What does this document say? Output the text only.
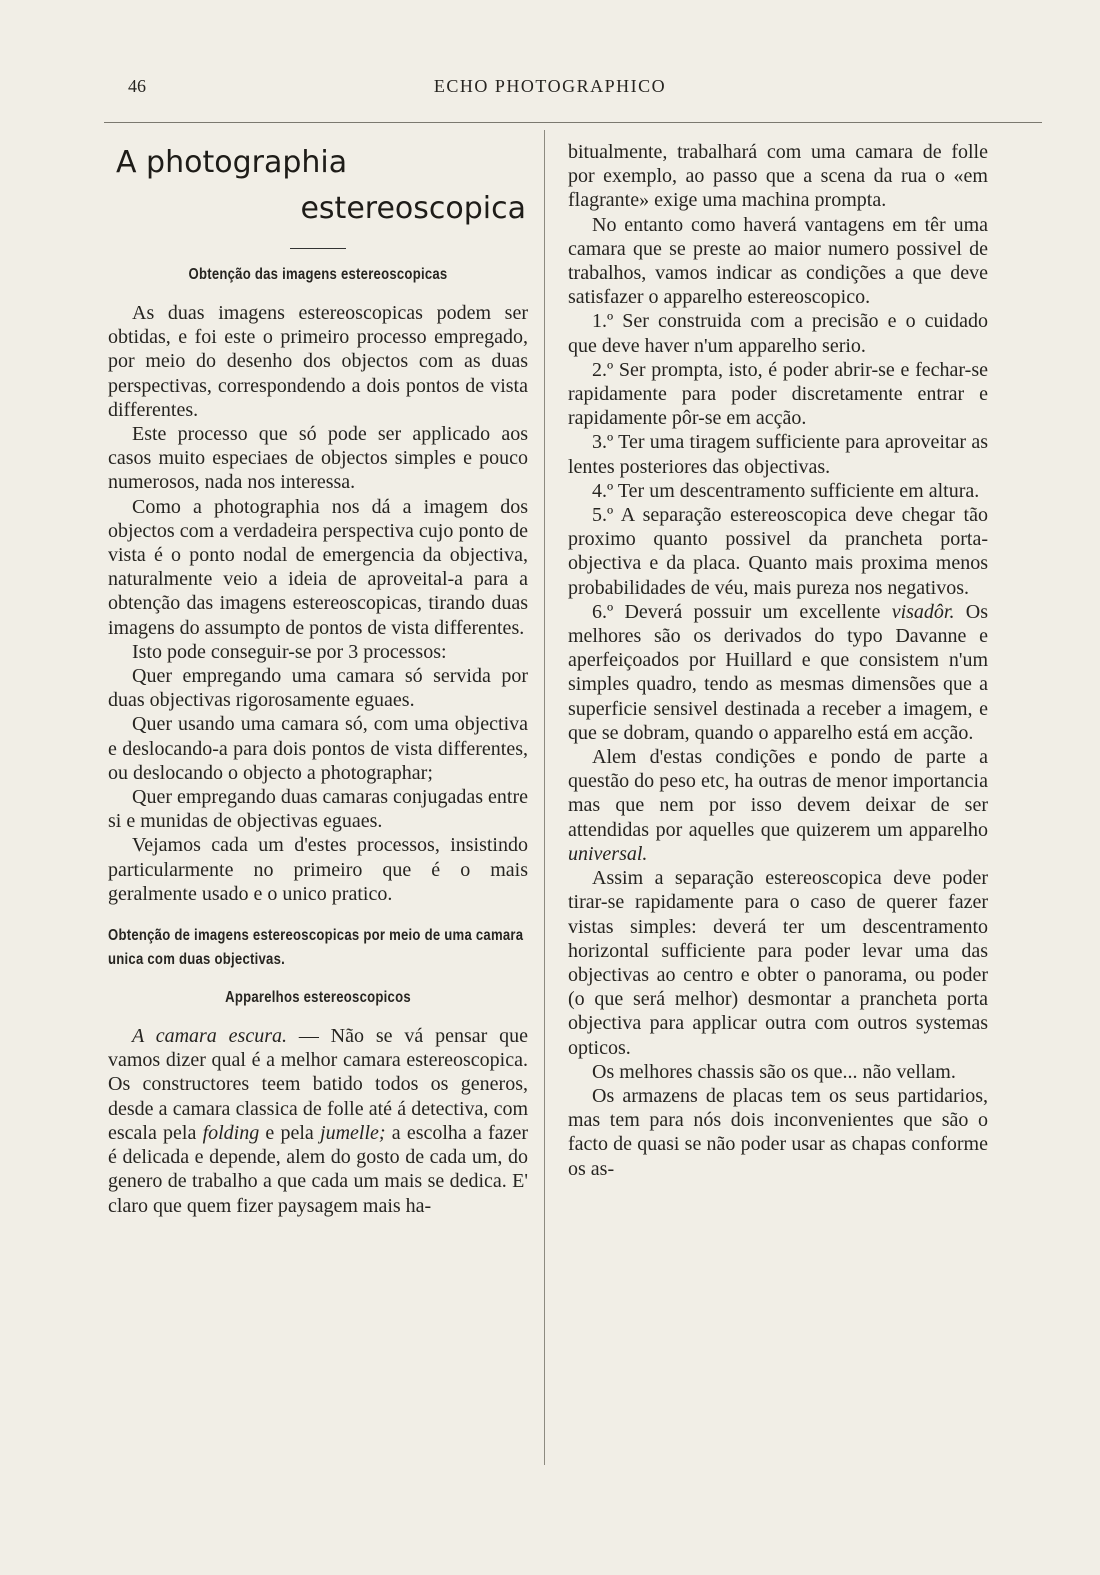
46	ECHO PHOTOGRAPHICO
A photographia
estereoscopica
Obtenção das imagens estereoscopicas

As duas imagens estereoscopicas podem ser obtidas, e foi este o primeiro processo empregado, por meio do desenho dos objectos com as duas perspectivas, correspondendo a dois pontos de vista differentes.

Este processo que só pode ser applicado aos casos muito especiaes de objectos simples e pouco numerosos, nada nos interessa.

Como a photographia nos dá a imagem dos objectos com a verdadeira perspectiva cujo ponto de vista é o ponto nodal de emergencia da objectiva, naturalmente veio a ideia de aproveital-a para a obtenção das imagens estereoscopicas, tirando duas imagens do assumpto de pontos de vista differentes.

Isto pode conseguir-se por 3 processos:

Quer empregando uma camara só servida por duas objectivas rigorosamente eguaes.

Quer usando uma camara só, com uma objectiva e deslocando-a para dois pontos de vista differentes, ou deslocando o objecto a photographar;

Quer empregando duas camaras conjugadas entre si e munidas de objectivas eguaes.

Vejamos cada um d'estes processos, insistindo particularmente no primeiro que é o mais geralmente usado e o unico pratico.

Obtenção de imagens estereoscopicas por meio de uma camara unica com duas objectivas.
Apparelhos estereoscopicos

A camara escura. — Não se vá pensar que vamos dizer qual é a melhor camara estereoscopica. Os constructores teem batido todos os generos, desde a camara classica de folle até á detectiva, com escala pela folding e pela jumelle; a escolha a fazer é delicada e depende, alem do gosto de cada um, do genero de trabalho a que cada um mais se dedica. E' claro que quem fizer paysagem mais ha-

bitualmente, trabalhará com uma camara de folle por exemplo, ao passo que a scena da rua o «em flagrante» exige uma machina prompta.

No entanto como haverá vantagens em têr uma camara que se preste ao maior numero possivel de trabalhos, vamos indicar as condições a que deve satisfazer o apparelho estereoscopico.

1.º Ser construida com a precisão e o cuidado que deve haver n'um apparelho serio.

2.º Ser prompta, isto, é poder abrir-se e fechar-se rapidamente para poder discretamente entrar e rapidamente pôr-se em acção.

3.º Ter uma tiragem sufficiente para aproveitar as lentes posteriores das objectivas.

4.º Ter um descentramento sufficiente em altura.

5.º A separação estereoscopica deve chegar tão proximo quanto possivel da prancheta porta-objectiva e da placa. Quanto mais proxima menos probabilidades de véu, mais pureza nos negativos.

6.º Deverá possuir um excellente visadôr. Os melhores são os derivados do typo Davanne e aperfeiçoados por Huillard e que consistem n'um simples quadro, tendo as mesmas dimensões que a superficie sensivel destinada a receber a imagem, e que se dobram, quando o apparelho está em acção.

Alem d'estas condições e pondo de parte a questão do peso etc, ha outras de menor importancia mas que nem por isso devem deixar de ser attendidas por aquelles que quizerem um apparelho universal.

Assim a separação estereoscopica deve poder tirar-se rapidamente para o caso de querer fazer vistas simples: deverá ter um descentramento horizontal sufficiente para poder levar uma das objectivas ao centro e obter o panorama, ou poder (o que será melhor) desmontar a prancheta porta objectiva para applicar outra com outros systemas opticos.

Os melhores chassis são os que... não vellam.

Os armazens de placas tem os seus partidarios, mas tem para nós dois inconvenientes que são o facto de quasi se não poder usar as chapas conforme os as-
